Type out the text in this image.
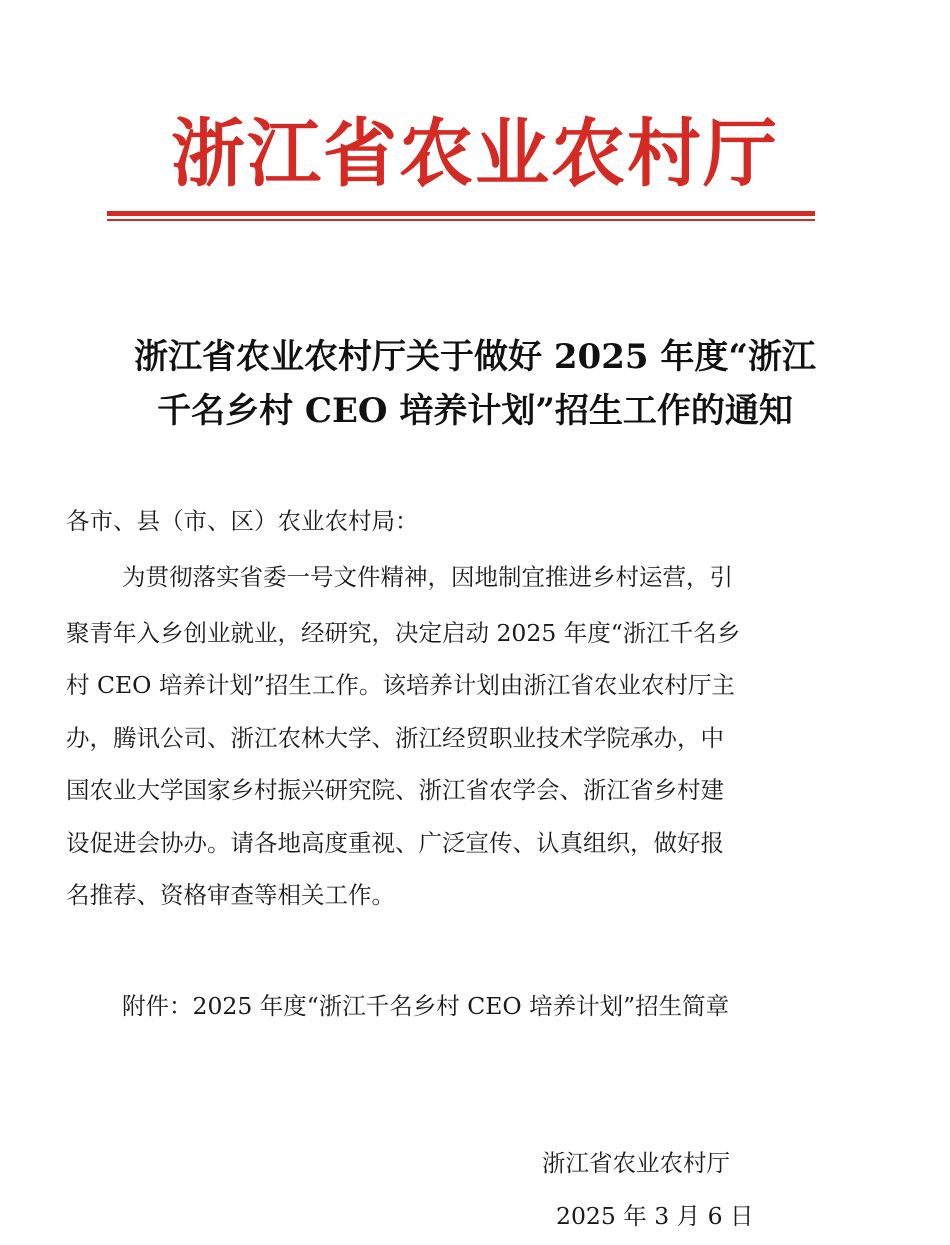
浙江省农业农村厅
浙江省农业农村厅关于做好 2025 年度“浙江
千名乡村 CEO 培养计划”招生工作的通知
各市、县（市、区）农业农村局：
为贯彻落实省委一号文件精神，因地制宜推进乡村运营，引
聚青年入乡创业就业，经研究，决定启动 2025 年度“浙江千名乡
村 CEO 培养计划”招生工作。该培养计划由浙江省农业农村厅主
办，腾讯公司、浙江农林大学、浙江经贸职业技术学院承办，中
国农业大学国家乡村振兴研究院、浙江省农学会、浙江省乡村建
设促进会协办。请各地高度重视、广泛宣传、认真组织，做好报
名推荐、资格审查等相关工作。
附件：2025 年度“浙江千名乡村 CEO 培养计划”招生简章
浙江省农业农村厅
2025 年 3 月 6 日
